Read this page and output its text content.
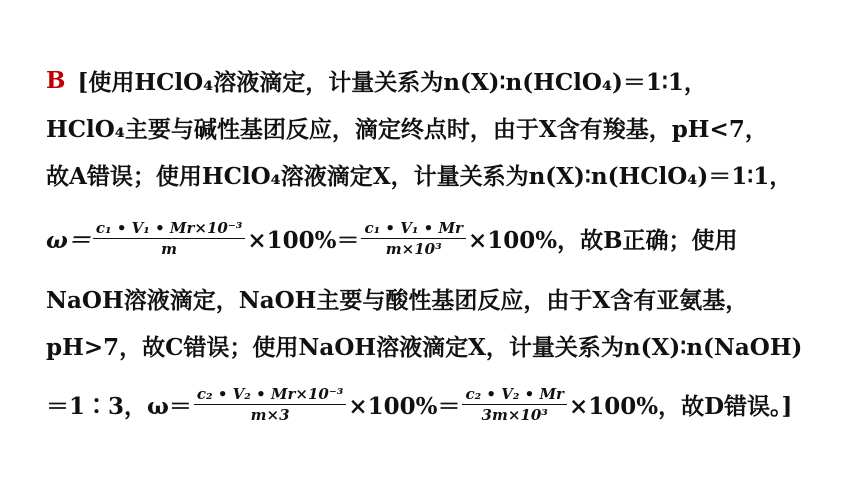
B [使用HClO₄溶液滴定，计量关系为n(X)∶n(HClO₄)＝1∶1，
HClO₄主要与碱性基团反应，滴定终点时，由于X含有羧基，pH<7，
故A错误；使用HClO₄溶液滴定X，计量关系为n(X)∶n(HClO₄)＝1∶1，
$\omega= \frac{\text{c₁ • V₁ • Mr×10⁻³}}{m} \times 100\%= \frac{\text{c₁ • V₁ • Mr}}{\text{m×10³}} \times 100\%$，故B正确；使用
NaOH溶液滴定，NaOH主要与酸性基团反应，由于X含有亚氨基，
pH>7，故C错误；使用NaOH溶液滴定X，计量关系为n(X)∶n(NaOH)
＝1∶3，$\omega= \frac{\text{c₂ • V₂ • Mr×10⁻³}}{m\times 3} \times 100\%= \frac{\text{c₂ • V₂ • Mr}}{\text{3m×10³}} \times 100\%$，故D错误。]
